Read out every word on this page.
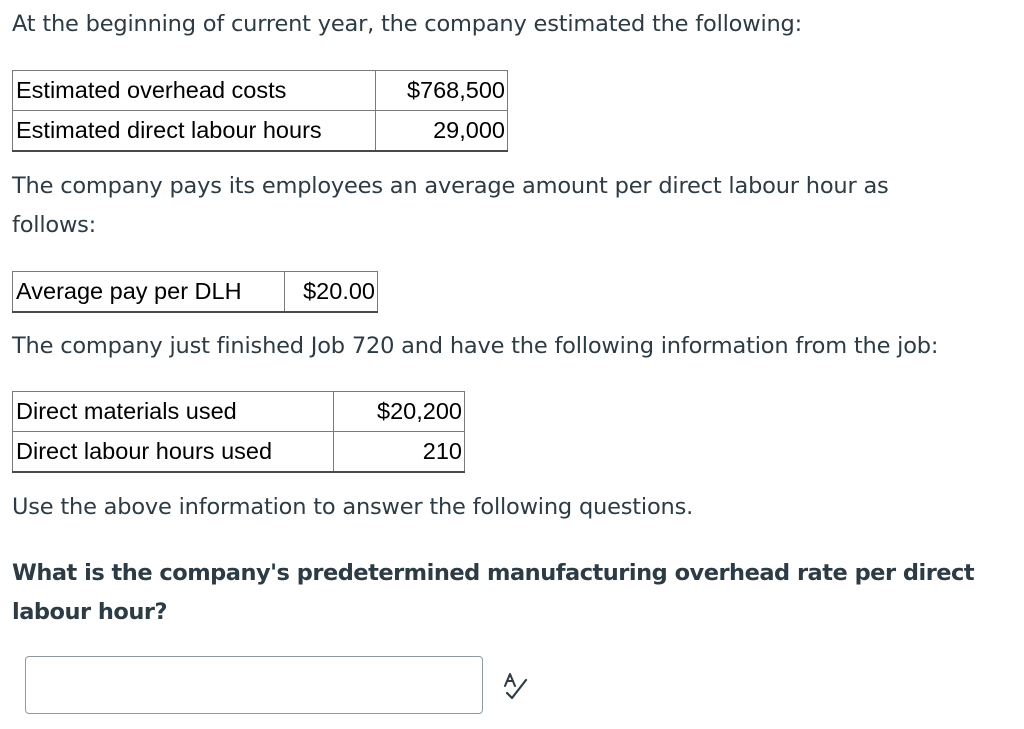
At the beginning of current year, the company estimated the following:

Estimated overhead costs	$768,500
Estimated direct labour hours	29,000

The company pays its employees an average amount per direct labour hour as
follows:

Average pay per DLH	$20.00

The company just finished Job 720 and have the following information from the job:

Direct materials used	$20,200
Direct labour hours used	210

Use the above information to answer the following questions.

What is the company's predetermined manufacturing overhead rate per direct
labour hour?
